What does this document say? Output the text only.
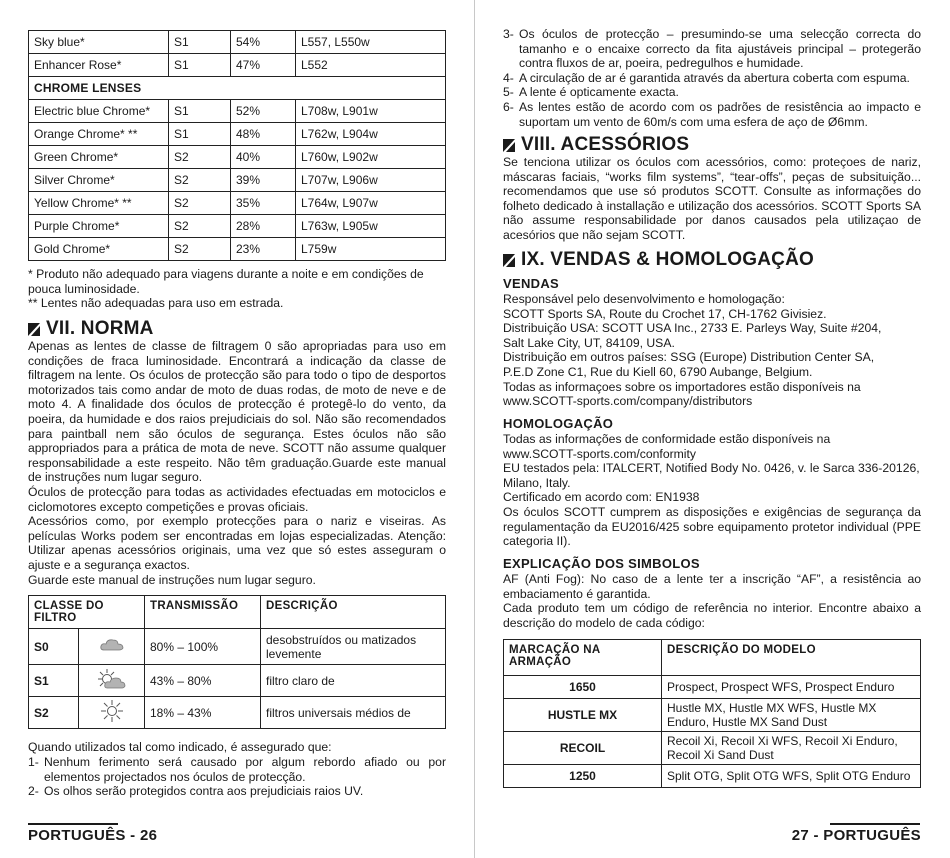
Sky blue*	S1	54%	L557, L550w
Enhancer Rose*	S1	47%	L552
CHROME LENSES			
Electric blue Chrome*	S1	52%	L708w, L901w
Orange Chrome* **	S1	48%	L762w, L904w
Green Chrome*	S2	40%	L760w, L902w
Silver Chrome*	S2	39%	L707w, L906w
Yellow Chrome* **	S2	35%	L764w, L907w
Purple Chrome*	S2	28%	L763w, L905w
Gold Chrome*	S2	23%	L759w

* Produto não adequado para viagens durante a noite e em condições de pouca luminosidade.

** Lentes não adequadas para uso em estrada.

VII. NORMA

Apenas as lentes de classe de filtragem 0 são apropriadas para uso em condições de fraca luminosidade. Encontrará a indicação da classe de filtragem na lente. Os óculos de protecção são para todo o tipo de desportos motorizados tais como andar de moto de duas rodas, de moto de neve e de moto 4. A finalidade dos óculos de protecção é protegê-lo do vento, da poeira, da humidade e dos raios prejudiciais do sol. Não são recomendados para paintball nem são óculos de segurança. Estes óculos não são appropriados para a prática de mota de neve. SCOTT não assume qualquer responsabilidade a este respeito. Não têm graduação.Guarde este manual de instruções num lugar seguro.

Óculos de protecção para todas as actividades efectuadas em motociclos e ciclomotores excepto competições e provas oficiais.

Acessórios como, por exemplo protecções para o nariz e viseiras. As películas Works podem ser encontradas em lojas especializadas. Atenção: Utilizar apenas acessórios originais, uma vez que só estes asseguram o ajuste e a segurança exactos.

Guarde este manual de instruções num lugar seguro.

CLASSE DO FILTRO		TRANSMISSÃO	DESCRIÇÃO
S0		80% – 100%	desobstruídos ou matizados levemente
S1		43% – 80%	filtro claro de
S2		18% – 43%	filtros universais médios de

Quando utilizados tal como indicado, é assegurado que:

1- Nenhum ferimento será causado por algum rebordo afiado ou por elementos projectados nos óculos de protecção.
2- Os olhos serão protegidos contra aos prejudiciais raios UV.
PORTUGUÊS - 26
3- Os óculos de protecção – presumindo-se uma selecção correcta do tamanho e o encaixe correcto da fita ajustáveis principal – protegerão contra fluxos de ar, poeira, pedregulhos e humidade.
4- A circulação de ar é garantida através da abertura coberta com espuma.
5- A lente é opticamente exacta.
6- As lentes estão de acordo com os padrões de resistência ao impacto e suportam um vento de 60m/s com uma esfera de aço de Ø6mm.
VIII. ACESSÓRIOS

Se tenciona utilizar os óculos com acessórios, como: proteçoes de nariz, máscaras faciais, “works film systems”, “tear-offs”, peças de subsituição... recomendamos que use só produtos SCOTT. Consulte as informações do folheto dedicado à installação e utilização dos acessórios. SCOTT Sports SA não assume responsabilidade por danos causados pela utilizaçao de acesórios que não sejam SCOTT.

IX. VENDAS & HOMOLOGAÇÃO
VENDAS

Responsável pelo desenvolvimento e homologação:

SCOTT Sports SA, Route du Crochet 17, CH-1762 Givisiez.

Distribuição USA: SCOTT USA Inc., 2733 E. Parleys Way, Suite #204,

Salt Lake City, UT, 84109, USA.

Distribuição em outros países: SSG (Europe) Distribution Center SA,

P.E.D Zone C1, Rue du Kiell 60, 6790 Aubange, Belgium.

Todas as informaçoes sobre os importadores estão disponíveis na

www.SCOTT-sports.com/company/distributors

HOMOLOGAÇÃO

Todas as informações de conformidade estão disponíveis na

www.SCOTT-sports.com/conformity

EU testados pela: ITALCERT, Notified Body No. 0426, v. le Sarca 336-20126,

Milano, Italy.

Certificado em acordo com: EN1938

Os óculos SCOTT cumprem as disposições e exigências de segurança da regulamentação da EU2016/425 sobre equipamento protetor individual (PPE categoria II).

EXPLICAÇÃO DOS SIMBOLOS

AF (Anti Fog): No caso de a lente ter a inscrição “AF”, a resistência ao embaciamento é garantida.

Cada produto tem um código de referência no interior. Encontre abaixo a descrição do modelo de cada código:

MARCAÇÃO NA ARMAÇÃO	DESCRIÇÃO DO MODELO
1650	Prospect, Prospect WFS, Prospect Enduro
HUSTLE MX	Hustle MX, Hustle MX WFS, Hustle MX Enduro, Hustle MX Sand Dust
RECOIL	Recoil Xi, Recoil Xi WFS, Recoil Xi Enduro, Recoil Xi Sand Dust
1250	Split OTG, Split OTG WFS, Split OTG Enduro
27 - PORTUGUÊS
